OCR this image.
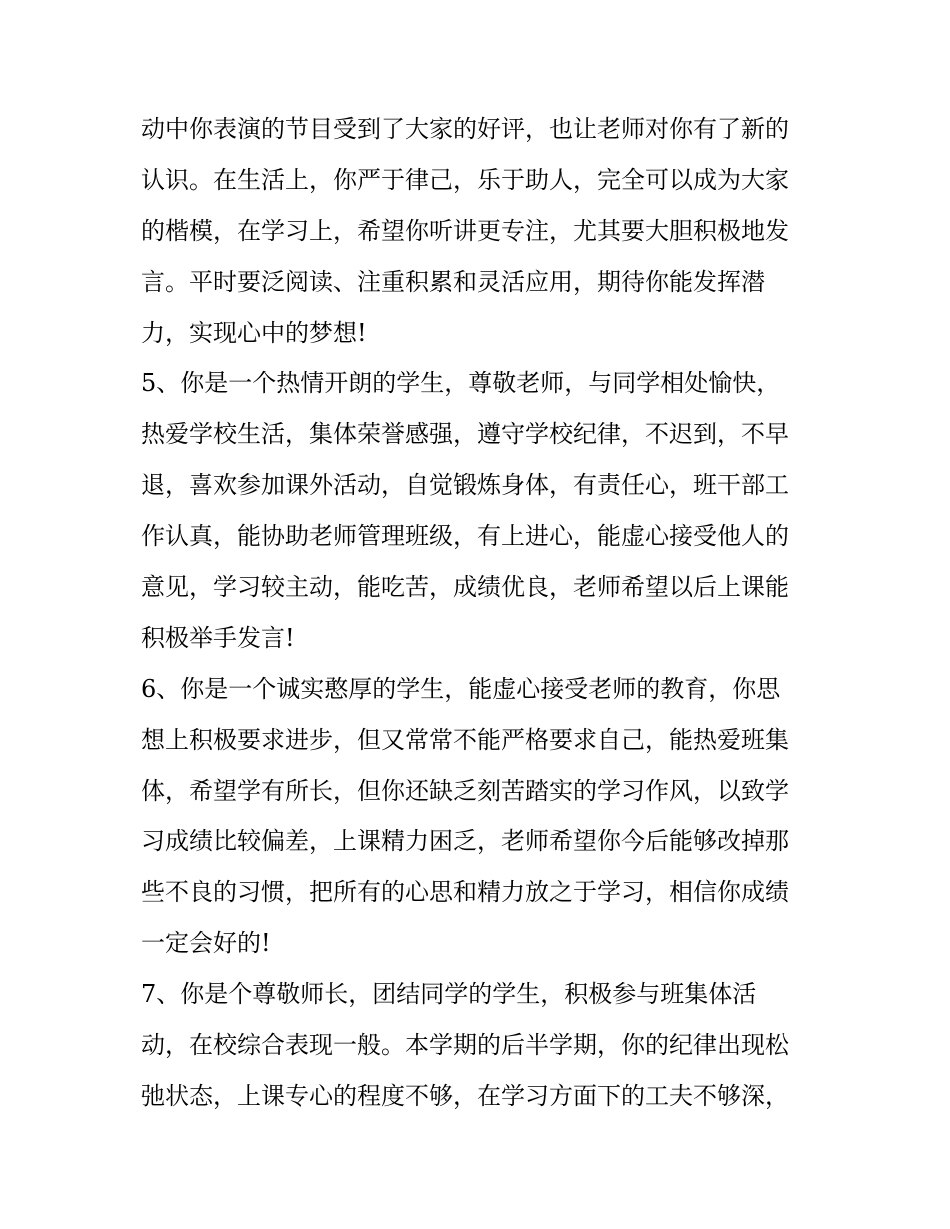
动中你表演的节目受到了大家的好评，也让老师对你有了新的
认识。在生活上，你严于律己，乐于助人，完全可以成为大家
的楷模，在学习上，希望你听讲更专注，尤其要大胆积极地发
言。平时要泛阅读、注重积累和灵活应用，期待你能发挥潜
力，实现心中的梦想!
5、你是一个热情开朗的学生，尊敬老师，与同学相处愉快，
热爱学校生活，集体荣誉感强，遵守学校纪律，不迟到，不早
退，喜欢参加课外活动，自觉锻炼身体，有责任心，班干部工
作认真，能协助老师管理班级，有上进心，能虚心接受他人的
意见，学习较主动，能吃苦，成绩优良，老师希望以后上课能
积极举手发言!
6、你是一个诚实憨厚的学生，能虚心接受老师的教育，你思
想上积极要求进步，但又常常不能严格要求自己，能热爱班集
体，希望学有所长，但你还缺乏刻苦踏实的学习作风，以致学
习成绩比较偏差，上课精力困乏，老师希望你今后能够改掉那
些不良的习惯，把所有的心思和精力放之于学习，相信你成绩
一定会好的!
7、你是个尊敬师长，团结同学的学生，积极参与班集体活
动，在校综合表现一般。本学期的后半学期，你的纪律出现松
弛状态，上课专心的程度不够，在学习方面下的工夫不够深，
